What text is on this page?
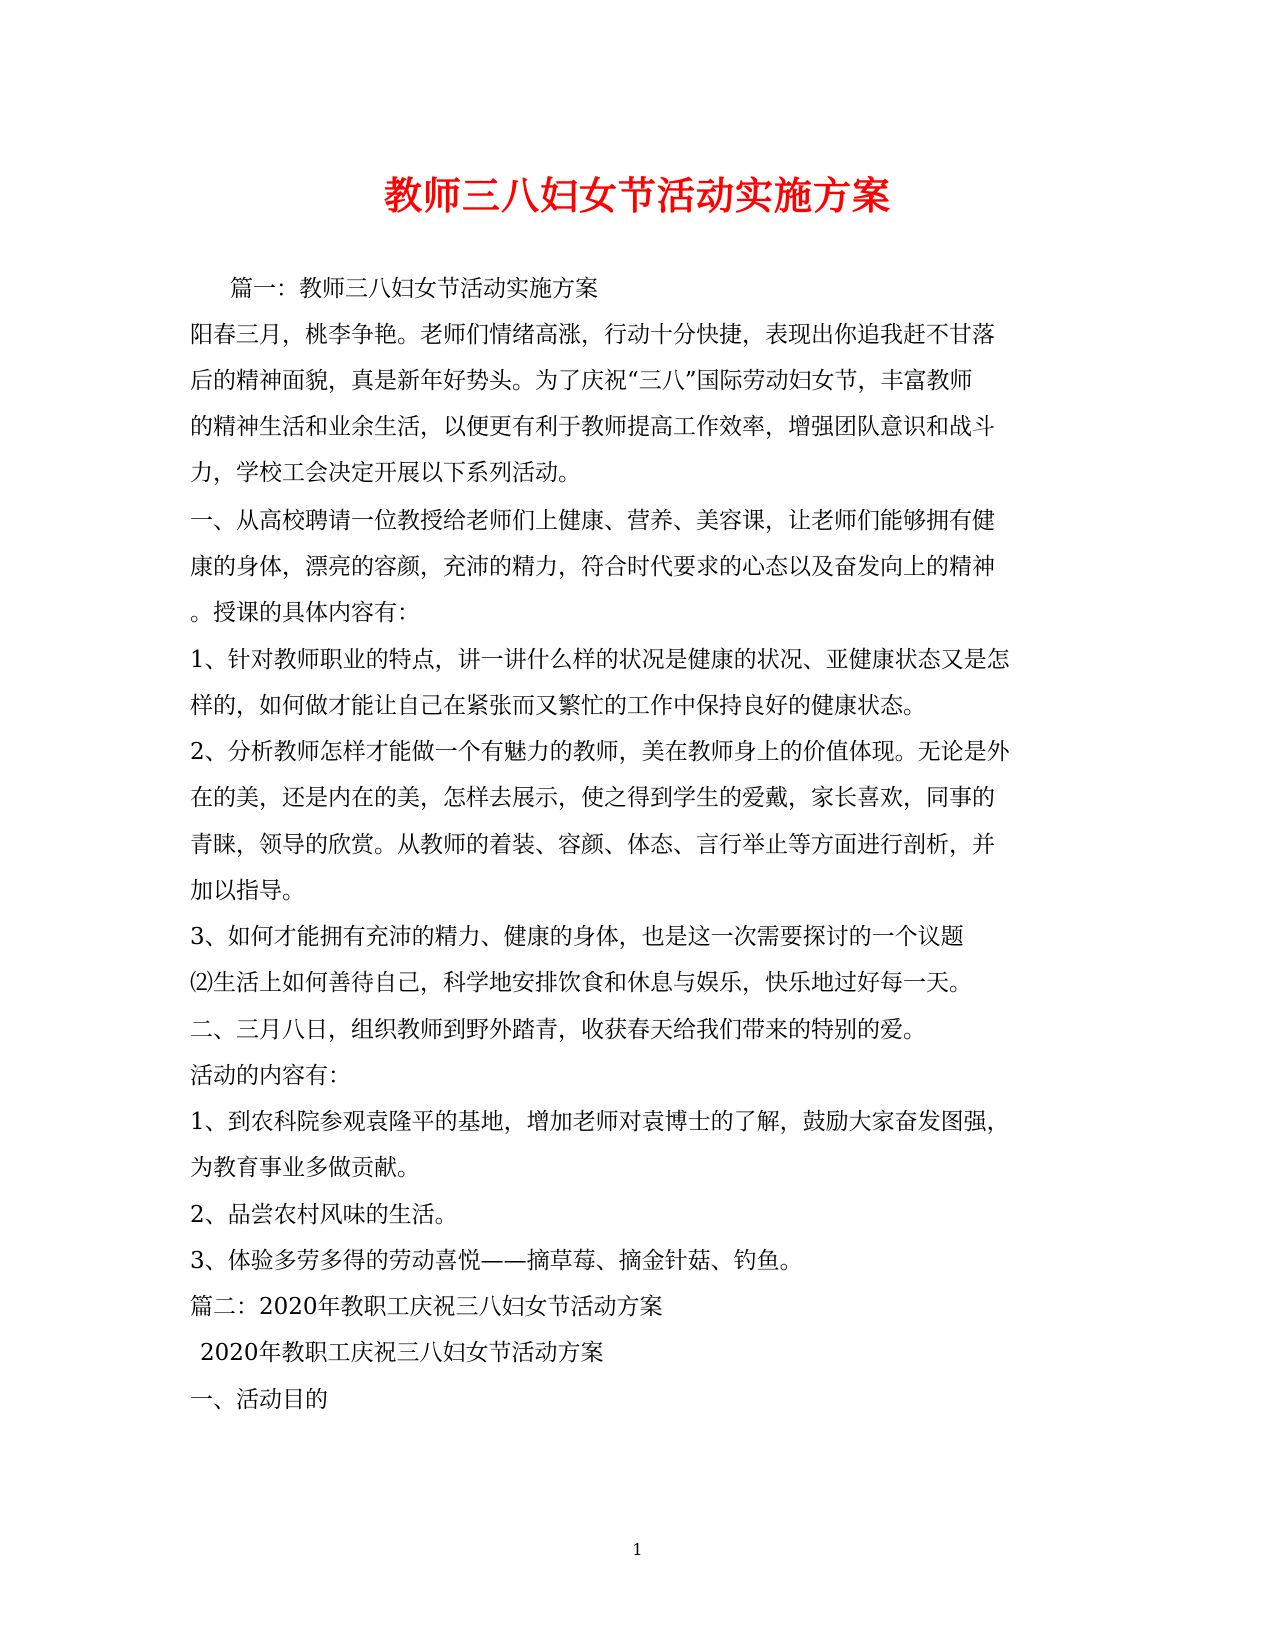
教师三八妇女节活动实施方案

篇一：教师三八妇女节活动实施方案

阳春三月，桃李争艳。老师们情绪高涨，行动十分快捷，表现出你追我赶不甘落

后的精神面貌，真是新年好势头。为了庆祝“三八”国际劳动妇女节，丰富教师

的精神生活和业余生活，以便更有利于教师提高工作效率，增强团队意识和战斗

力，学校工会决定开展以下系列活动。

一、从高校聘请一位教授给老师们上健康、营养、美容课，让老师们能够拥有健

康的身体，漂亮的容颜，充沛的精力，符合时代要求的心态以及奋发向上的精神

。授课的具体内容有：

1、针对教师职业的特点，讲一讲什么样的状况是健康的状况、亚健康状态又是怎

样的，如何做才能让自己在紧张而又繁忙的工作中保持良好的健康状态。

2、分析教师怎样才能做一个有魅力的教师，美在教师身上的价值体现。无论是外

在的美，还是内在的美，怎样去展示，使之得到学生的爱戴，家长喜欢，同事的

青睐，领导的欣赏。从教师的着装、容颜、体态、言行举止等方面进行剖析，并

加以指导。

3、如何才能拥有充沛的精力、健康的身体，也是这一次需要探讨的一个议题

⑵生活上如何善待自己，科学地安排饮食和休息与娱乐，快乐地过好每一天。

二、三月八日，组织教师到野外踏青，收获春天给我们带来的特别的爱。

活动的内容有：

1、到农科院参观袁隆平的基地，增加老师对袁博士的了解，鼓励大家奋发图强，

为教育事业多做贡献。

2、品尝农村风味的生活。

3、体验多劳多得的劳动喜悦——摘草莓、摘金针菇、钓鱼。

篇二：2020年教职工庆祝三八妇女节活动方案

2020年教职工庆祝三八妇女节活动方案

一、活动目的

1
